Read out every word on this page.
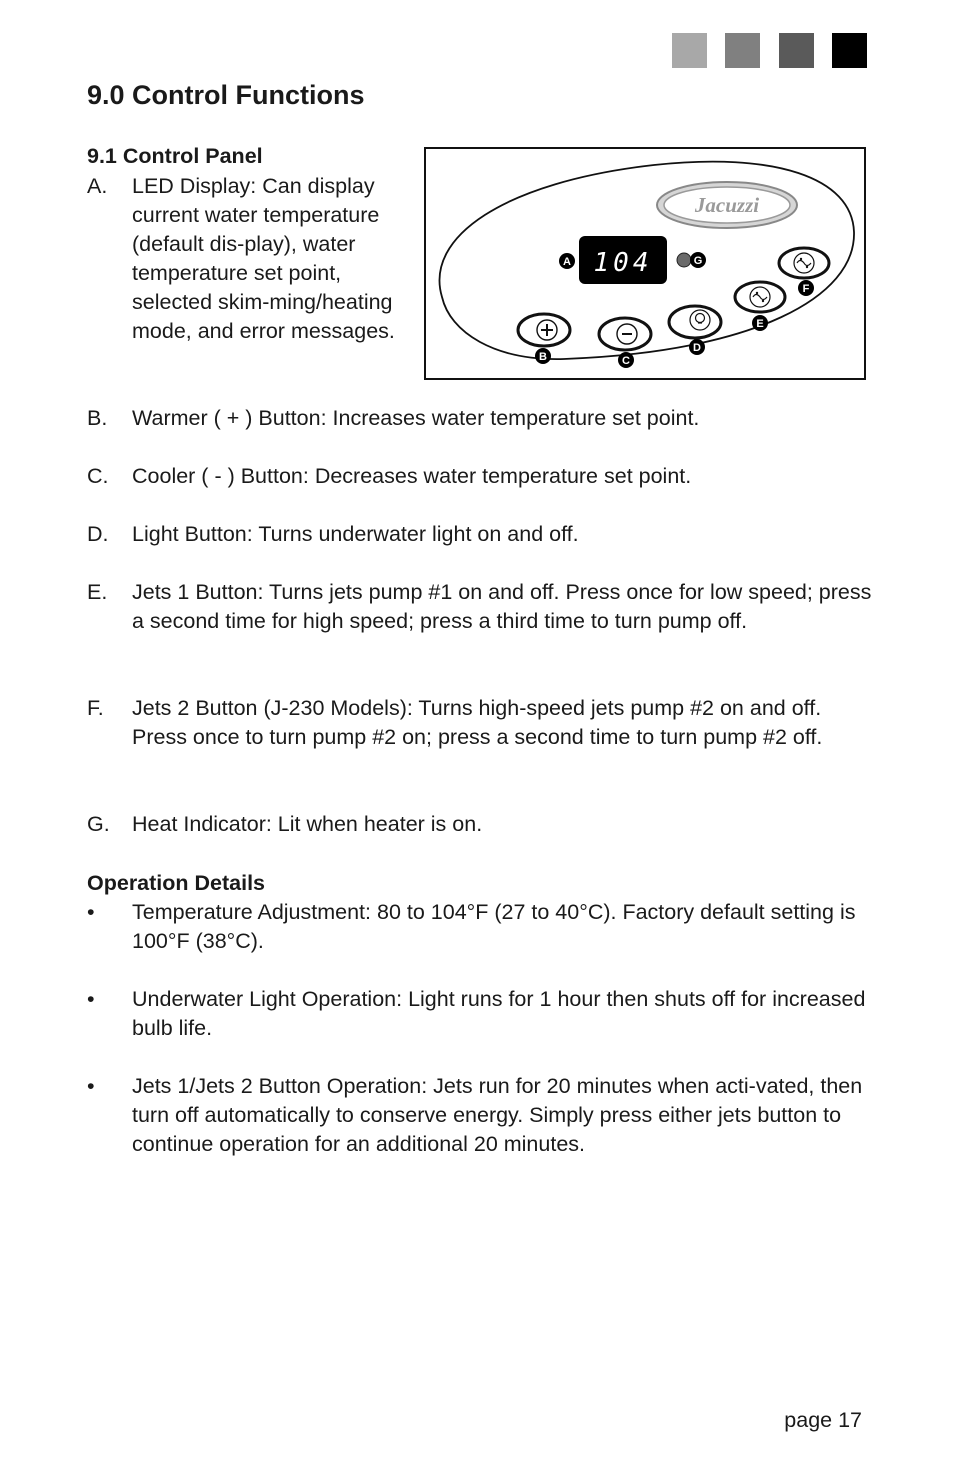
9.0 Control Functions
9.1 Control Panel
A. LED Display: Can display current water temperature (default dis-play), water temperature set point, selected skim-ming/heating mode, and error messages.
B. Warmer ( + ) Button: Increases water temperature set point.
C. Cooler ( - ) Button: Decreases water temperature set point.
D. Light Button: Turns underwater light on and off.
E. Jets 1 Button: Turns jets pump #1 on and off. Press once for low speed; press a second time for high speed; press a third time to turn pump off.
F. Jets 2 Button (J-230 Models): Turns high-speed jets pump #2 on and off. Press once to turn pump #2 on; press a second time to turn pump #2 off.
G. Heat Indicator: Lit when heater is on.
Operation Details
• Temperature Adjustment: 80 to 104°F (27 to 40°C). Factory default setting is 100°F (38°C).
• Underwater Light Operation: Light runs for 1 hour then shuts off for increased bulb life.
• Jets 1/Jets 2 Button Operation: Jets run for 20 minutes when acti-vated, then turn off automatically to conserve energy. Simply press either jets button to continue operation for an additional 20 minutes.
Jacuzzi
104
A	G
B	C
D
E
F
page 17
